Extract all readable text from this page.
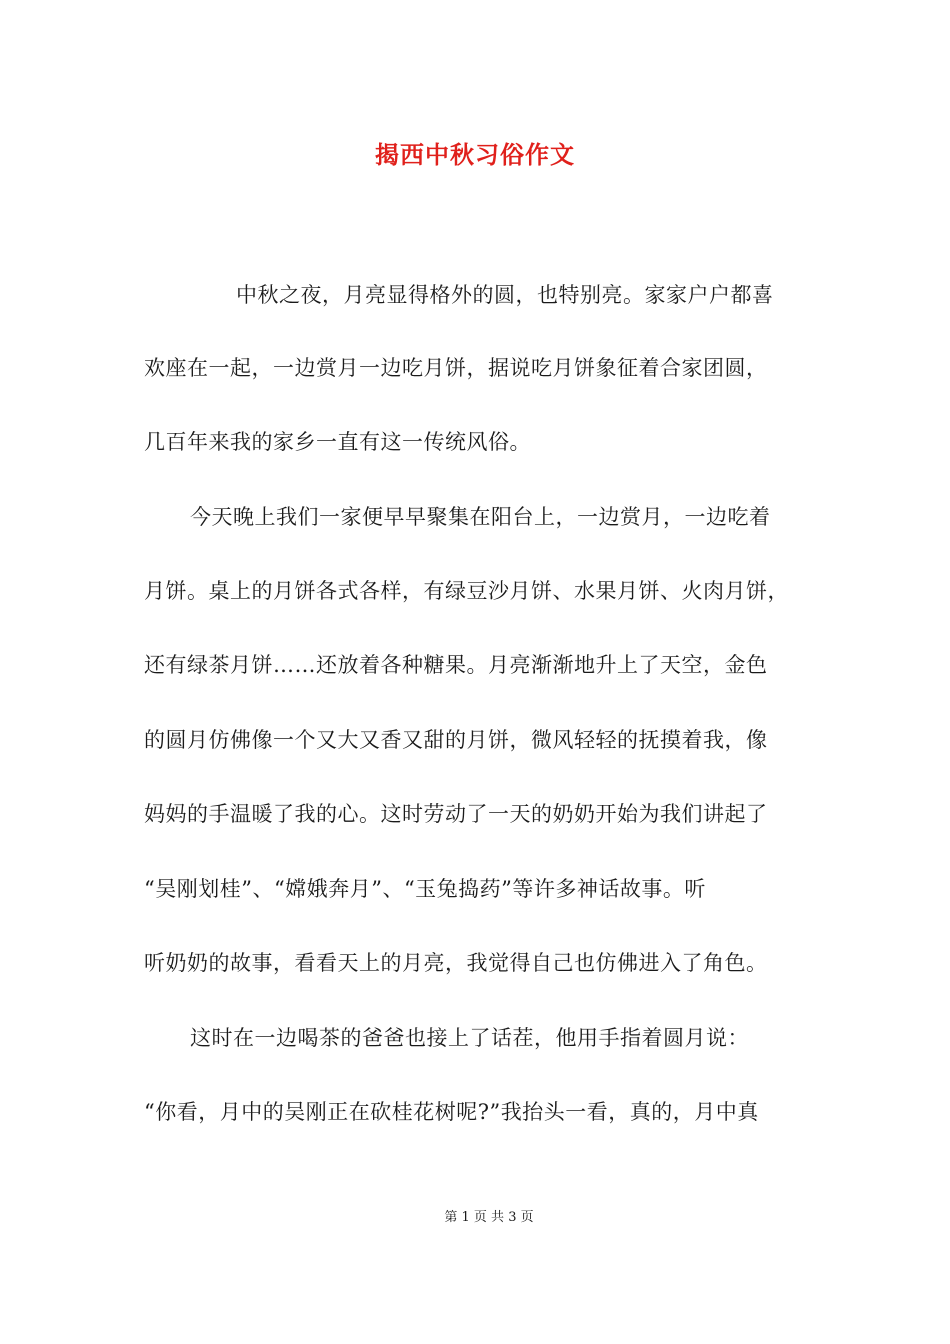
揭西中秋习俗作文
中秋之夜，月亮显得格外的圆，也特别亮。家家户户都喜
欢座在一起，一边赏月一边吃月饼，据说吃月饼象征着合家团圆，
几百年来我的家乡一直有这一传统风俗。
今天晚上我们一家便早早聚集在阳台上，一边赏月，一边吃着
月饼。桌上的月饼各式各样，有绿豆沙月饼、水果月饼、火肉月饼，
还有绿茶月饼……还放着各种糖果。月亮渐渐地升上了天空，金色
的圆月仿佛像一个又大又香又甜的月饼，微风轻轻的抚摸着我，像
妈妈的手温暖了我的心。这时劳动了一天的奶奶开始为我们讲起了
“吴刚划桂”、“嫦娥奔月”、“玉兔捣药”等许多神话故事。听
听奶奶的故事，看看天上的月亮，我觉得自己也仿佛进入了角色。
这时在一边喝茶的爸爸也接上了话茬，他用手指着圆月说：
“你看，月中的吴刚正在砍桂花树呢?”我抬头一看，真的，月中真
第 1 页 共 3 页
